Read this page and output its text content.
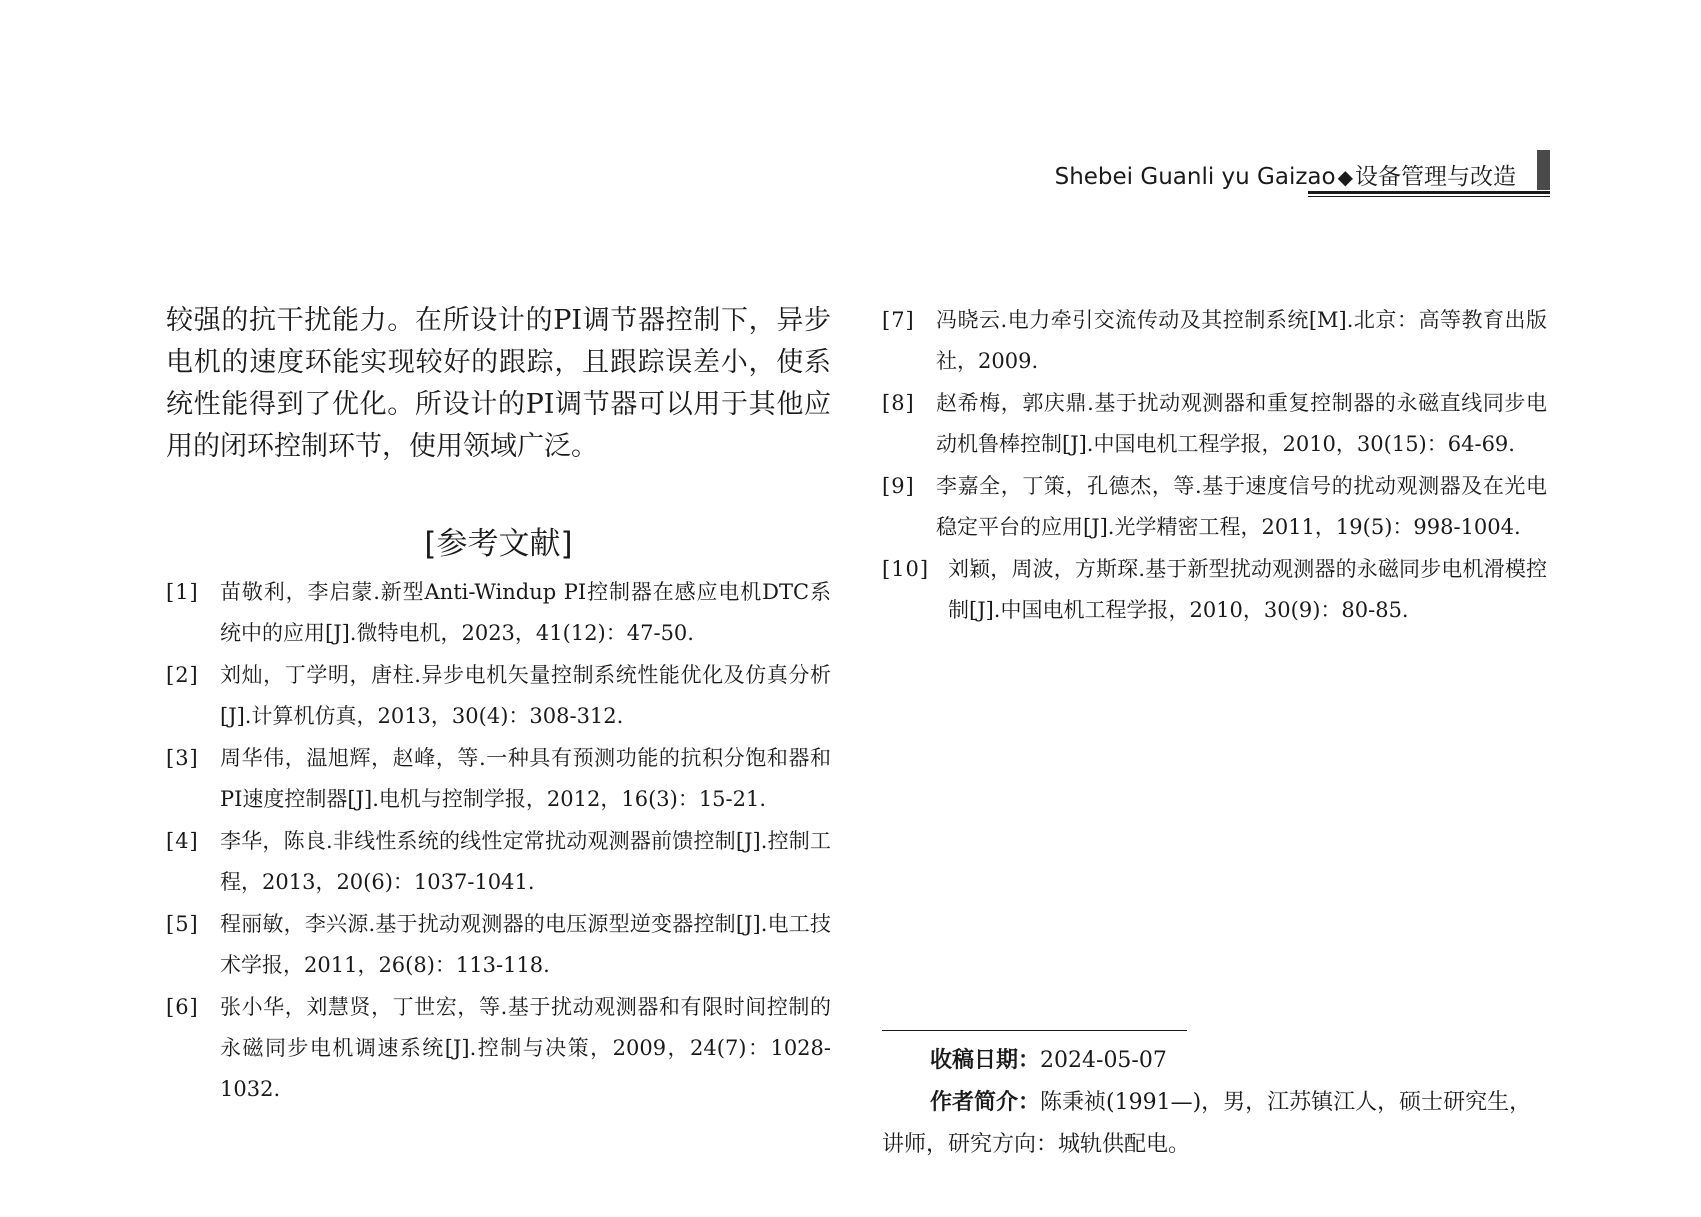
Shebei Guanli yu Gaizao ◆设备管理与改造

较强的抗干扰能力。在所设计的PI调节器控制下，异步电机的速度环能实现较好的跟踪，且跟踪误差小，使系统性能得到了优化。所设计的PI调节器可以用于其他应用的闭环控制环节，使用领域广泛。

[参考文献]
[1] 苗敬利，李启蒙.新型Anti-Windup PI控制器在感应电机DTC系统中的应用[J].微特电机，2023，41(12)：47-50.
[2] 刘灿，丁学明，唐柱.异步电机矢量控制系统性能优化及仿真分析[J].计算机仿真，2013，30(4)：308-312.
[3] 周华伟，温旭辉，赵峰，等.一种具有预测功能的抗积分饱和器和PI速度控制器[J].电机与控制学报，2012，16(3)：15-21.
[4] 李华，陈良.非线性系统的线性定常扰动观测器前馈控制[J].控制工程，2013，20(6)：1037-1041.
[5] 程丽敏，李兴源.基于扰动观测器的电压源型逆变器控制[J].电工技术学报，2011，26(8)：113-118.
[6] 张小华，刘慧贤，丁世宏，等.基于扰动观测器和有限时间控制的永磁同步电机调速系统[J].控制与决策，2009，24(7)：1028-1032.
[7] 冯晓云.电力牵引交流传动及其控制系统[M].北京：高等教育出版社，2009.
[8] 赵希梅，郭庆鼎.基于扰动观测器和重复控制器的永磁直线同步电动机鲁棒控制[J].中国电机工程学报，2010，30(15)：64-69.
[9] 李嘉全，丁策，孔德杰，等.基于速度信号的扰动观测器及在光电稳定平台的应用[J].光学精密工程，2011，19(5)：998-1004.
[10] 刘颖，周波，方斯琛.基于新型扰动观测器的永磁同步电机滑模控制[J].中国电机工程学报，2010，30(9)：80-85.

收稿日期：2024-05-07

作者简介：陈秉祯(1991—)，男，江苏镇江人，硕士研究生，讲师，研究方向：城轨供配电。
